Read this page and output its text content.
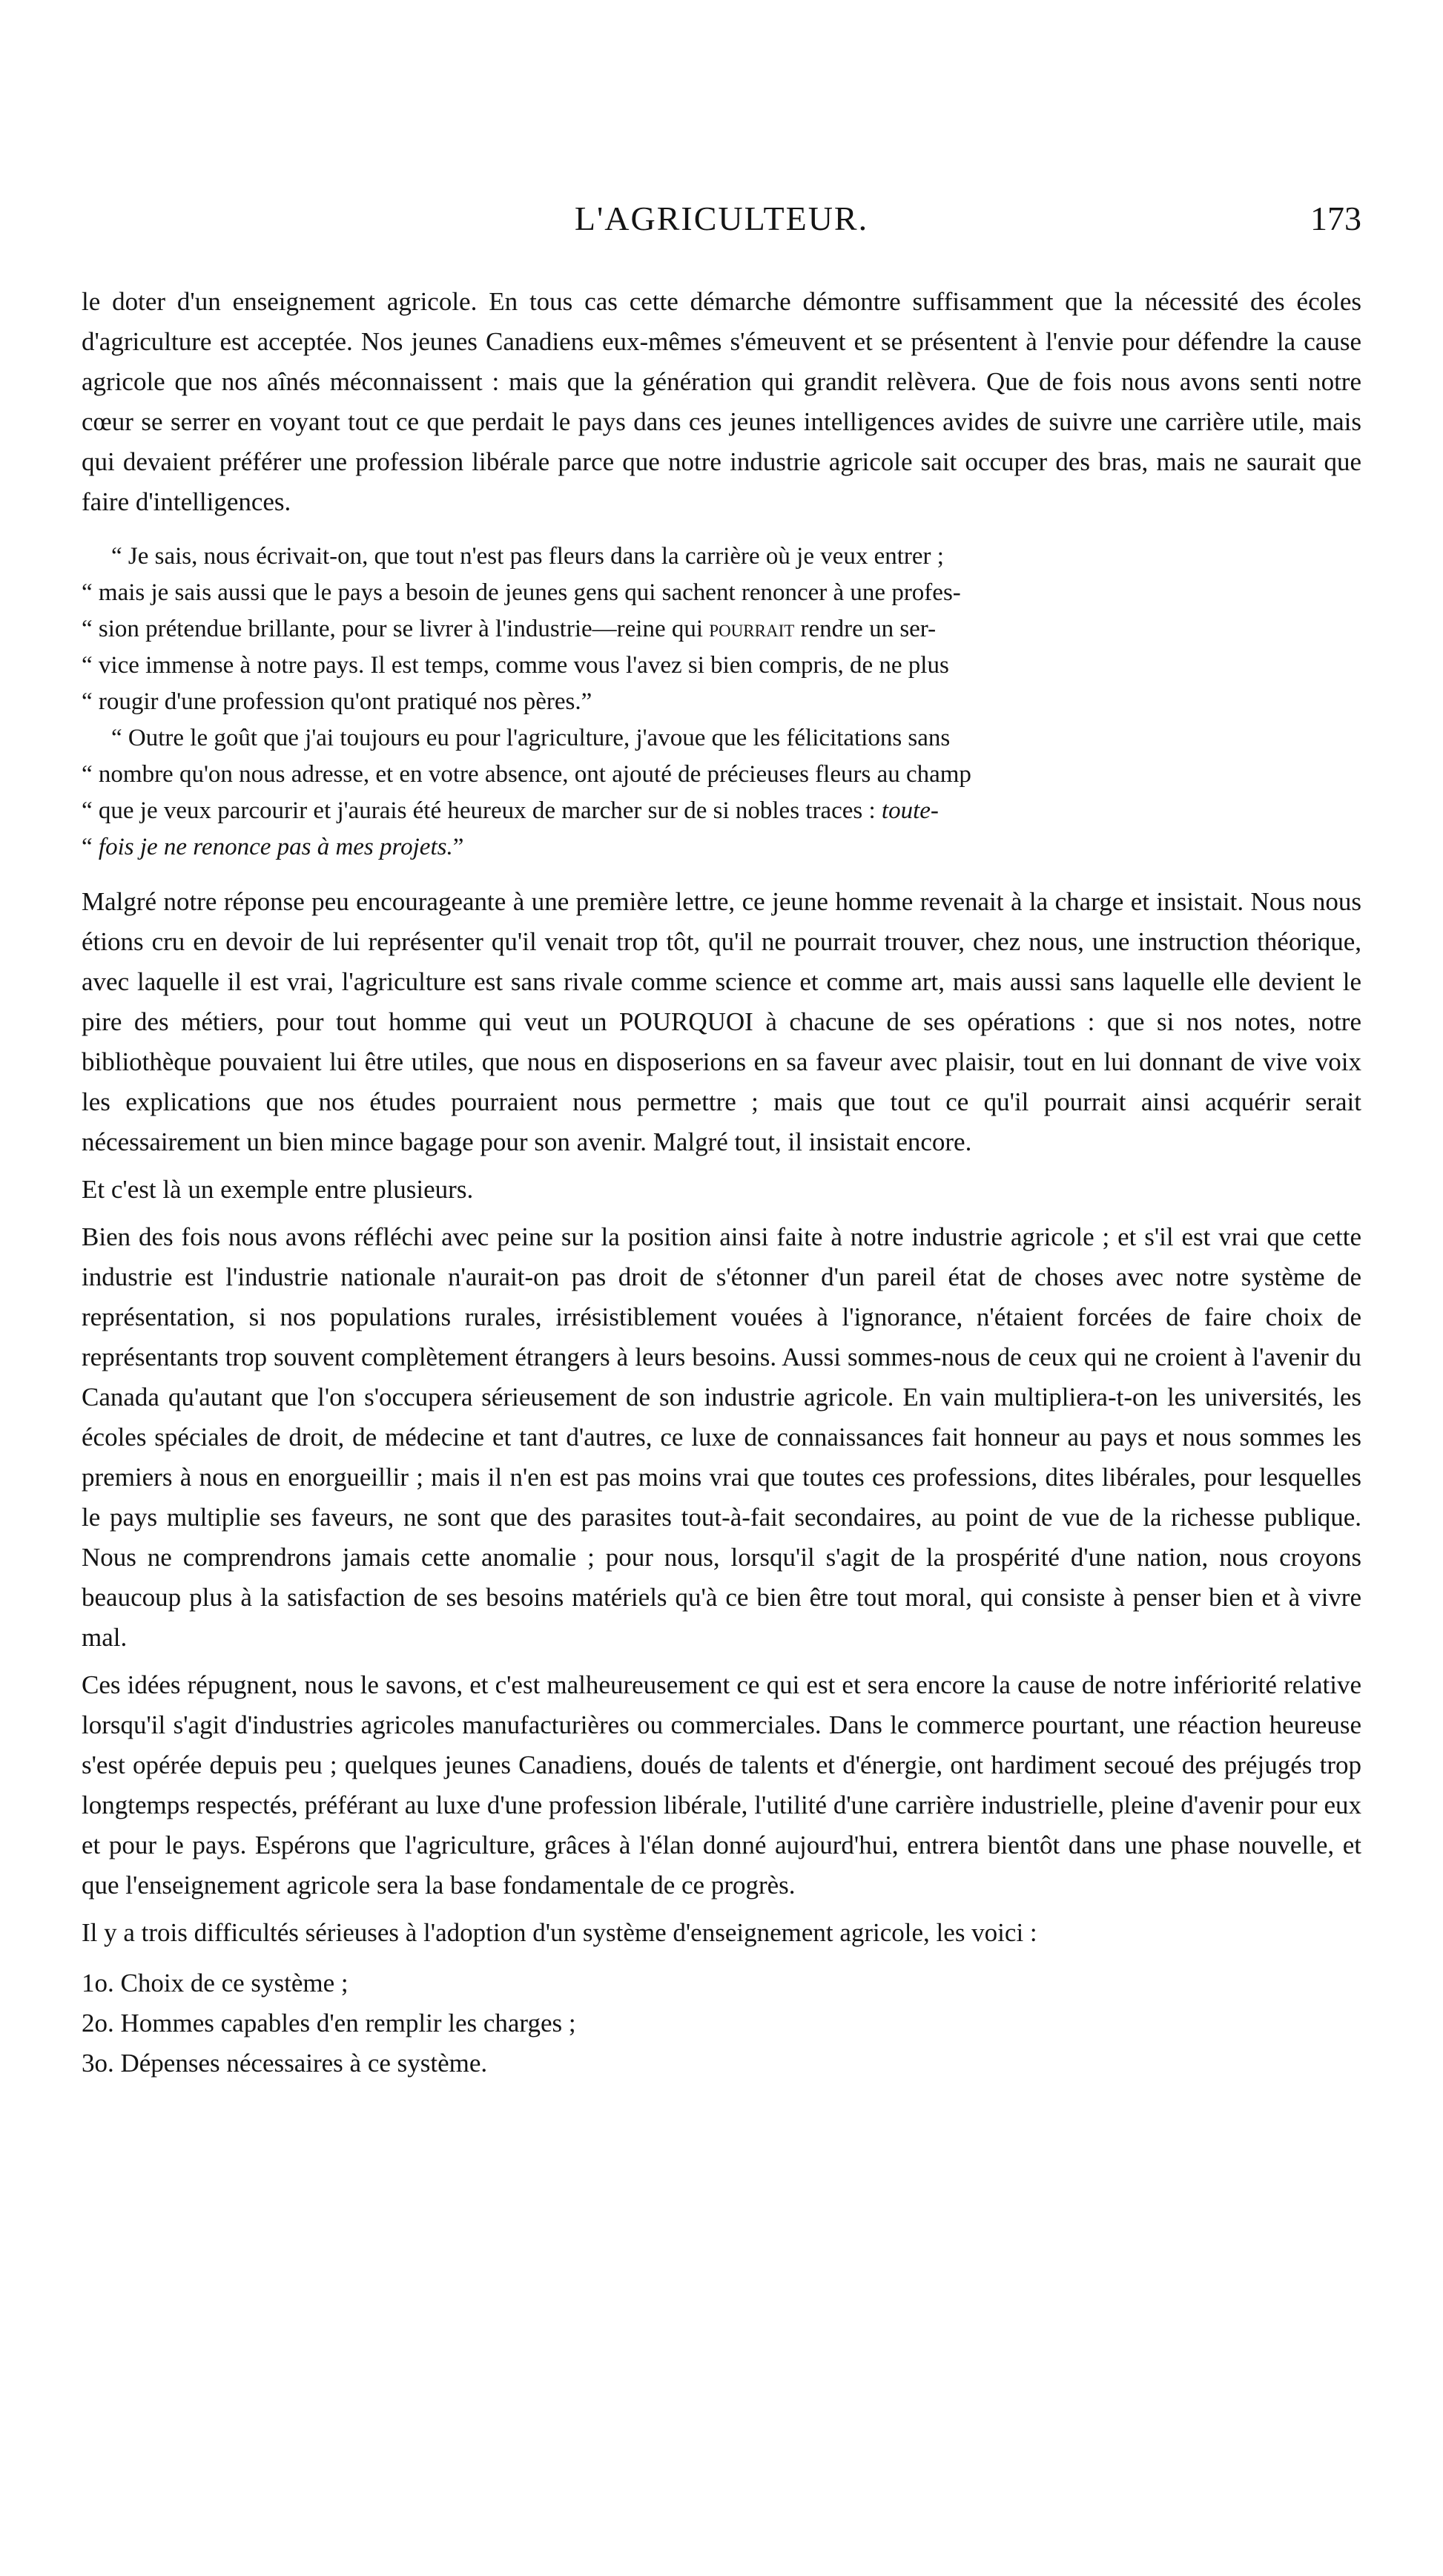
L'AGRICULTEUR.	173

le doter d'un enseignement agricole. En tous cas cette démarche démontre suffisamment que la nécessité des écoles d'agriculture est acceptée. Nos jeunes Canadiens eux-mêmes s'émeuvent et se présentent à l'envie pour défendre la cause agricole que nos aînés méconnaissent : mais que la génération qui grandit relèvera. Que de fois nous avons senti notre cœur se serrer en voyant tout ce que perdait le pays dans ces jeunes intelligences avides de suivre une carrière utile, mais qui devaient préférer une profession libérale parce que notre industrie agricole sait occuper des bras, mais ne saurait que faire d'intelligences.

“ Je sais, nous écrivait-on, que tout n'est pas fleurs dans la carrière où je veux entrer ;
“ mais je sais aussi que le pays a besoin de jeunes gens qui sachent renoncer à une profes-
“ sion prétendue brillante, pour se livrer à l'industrie—reine qui pourrait rendre un ser-
“ vice immense à notre pays. Il est temps, comme vous l'avez si bien compris, de ne plus
“ rougir d'une profession qu'ont pratiqué nos pères.”
“ Outre le goût que j'ai toujours eu pour l'agriculture, j'avoue que les félicitations sans
“ nombre qu'on nous adresse, et en votre absence, ont ajouté de précieuses fleurs au champ
“ que je veux parcourir et j'aurais été heureux de marcher sur de si nobles traces : toute-
“ fois je ne renonce pas à mes projets.”

Malgré notre réponse peu encourageante à une première lettre, ce jeune homme revenait à la charge et insistait. Nous nous étions cru en devoir de lui représenter qu'il venait trop tôt, qu'il ne pourrait trouver, chez nous, une instruction théorique, avec laquelle il est vrai, l'agriculture est sans rivale comme science et comme art, mais aussi sans laquelle elle devient le pire des métiers, pour tout homme qui veut un POURQUOI à chacune de ses opérations : que si nos notes, notre bibliothèque pouvaient lui être utiles, que nous en disposerions en sa faveur avec plaisir, tout en lui donnant de vive voix les explications que nos études pourraient nous permettre ; mais que tout ce qu'il pourrait ainsi acquérir serait nécessairement un bien mince bagage pour son avenir. Malgré tout, il insistait encore.

Et c'est là un exemple entre plusieurs.

Bien des fois nous avons réfléchi avec peine sur la position ainsi faite à notre industrie agricole ; et s'il est vrai que cette industrie est l'industrie nationale n'aurait-on pas droit de s'étonner d'un pareil état de choses avec notre système de représentation, si nos populations rurales, irrésistiblement vouées à l'ignorance, n'étaient forcées de faire choix de représentants trop souvent complètement étrangers à leurs besoins. Aussi sommes-nous de ceux qui ne croient à l'avenir du Canada qu'autant que l'on s'occupera sérieusement de son industrie agricole. En vain multipliera-t-on les universités, les écoles spéciales de droit, de médecine et tant d'autres, ce luxe de connaissances fait honneur au pays et nous sommes les premiers à nous en enorgueillir ; mais il n'en est pas moins vrai que toutes ces professions, dites libérales, pour lesquelles le pays multiplie ses faveurs, ne sont que des parasites tout-à-fait secondaires, au point de vue de la richesse publique. Nous ne comprendrons jamais cette anomalie ; pour nous, lorsqu'il s'agit de la prospérité d'une nation, nous croyons beaucoup plus à la satisfaction de ses besoins matériels qu'à ce bien être tout moral, qui consiste à penser bien et à vivre mal.

Ces idées répugnent, nous le savons, et c'est malheureusement ce qui est et sera encore la cause de notre infériorité relative lorsqu'il s'agit d'industries agricoles manufacturières ou commerciales. Dans le commerce pourtant, une réaction heureuse s'est opérée depuis peu ; quelques jeunes Canadiens, doués de talents et d'énergie, ont hardiment secoué des préjugés trop longtemps respectés, préférant au luxe d'une profession libérale, l'utilité d'une carrière industrielle, pleine d'avenir pour eux et pour le pays. Espérons que l'agriculture, grâces à l'élan donné aujourd'hui, entrera bientôt dans une phase nouvelle, et que l'enseignement agricole sera la base fondamentale de ce progrès.

Il y a trois difficultés sérieuses à l'adoption d'un système d'enseignement agricole, les voici :

1o. Choix de ce système ;
2o. Hommes capables d'en remplir les charges ;
3o. Dépenses nécessaires à ce système.
